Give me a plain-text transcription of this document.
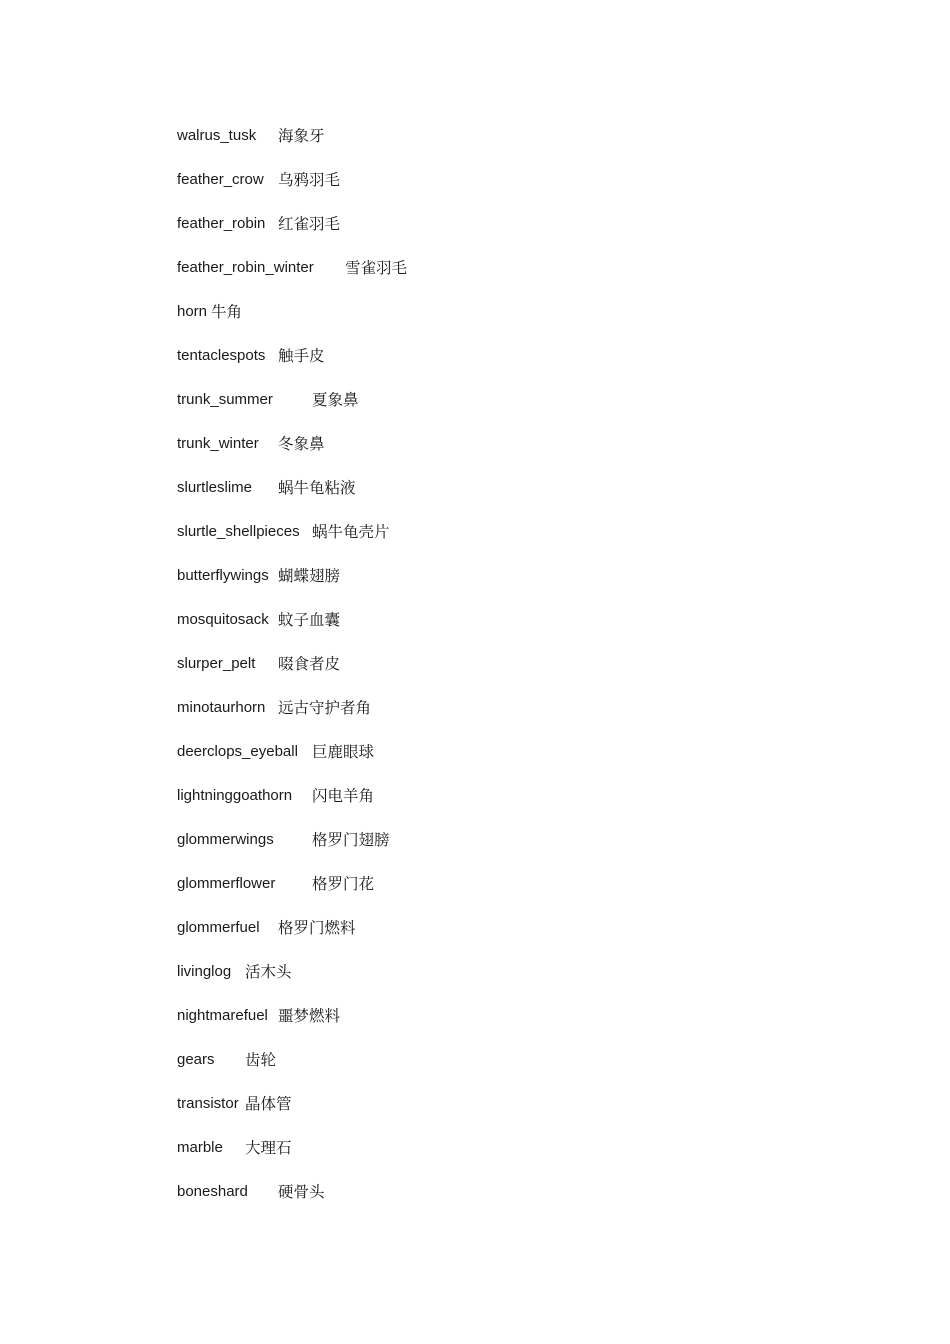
walrus_tusk 海象牙
feather_crow 乌鸦羽毛
feather_robin 红雀羽毛
feather_robin_winter 雪雀羽毛
horn 牛角
tentaclespots 触手皮
trunk_summer	夏象鼻
trunk_winter 冬象鼻
slurtleslime 蜗牛龟粘液
slurtle_shellpieces 蜗牛龟壳片
butterflywings 蝴蝶翅膀
mosquitosack 蚊子血囊
slurper_pelt 啜食者皮
minotaurhorn 远古守护者角
deerclops_eyeball 巨鹿眼球
lightninggoathorn 闪电羊角
glommerwings 格罗门翅膀
glommerflower 格罗门花
glommerfuel 格罗门燃料
livinglog 活木头
nightmarefuel 噩梦燃料
gears 齿轮
transistor 晶体管
marble 大理石
boneshard 硬骨头
